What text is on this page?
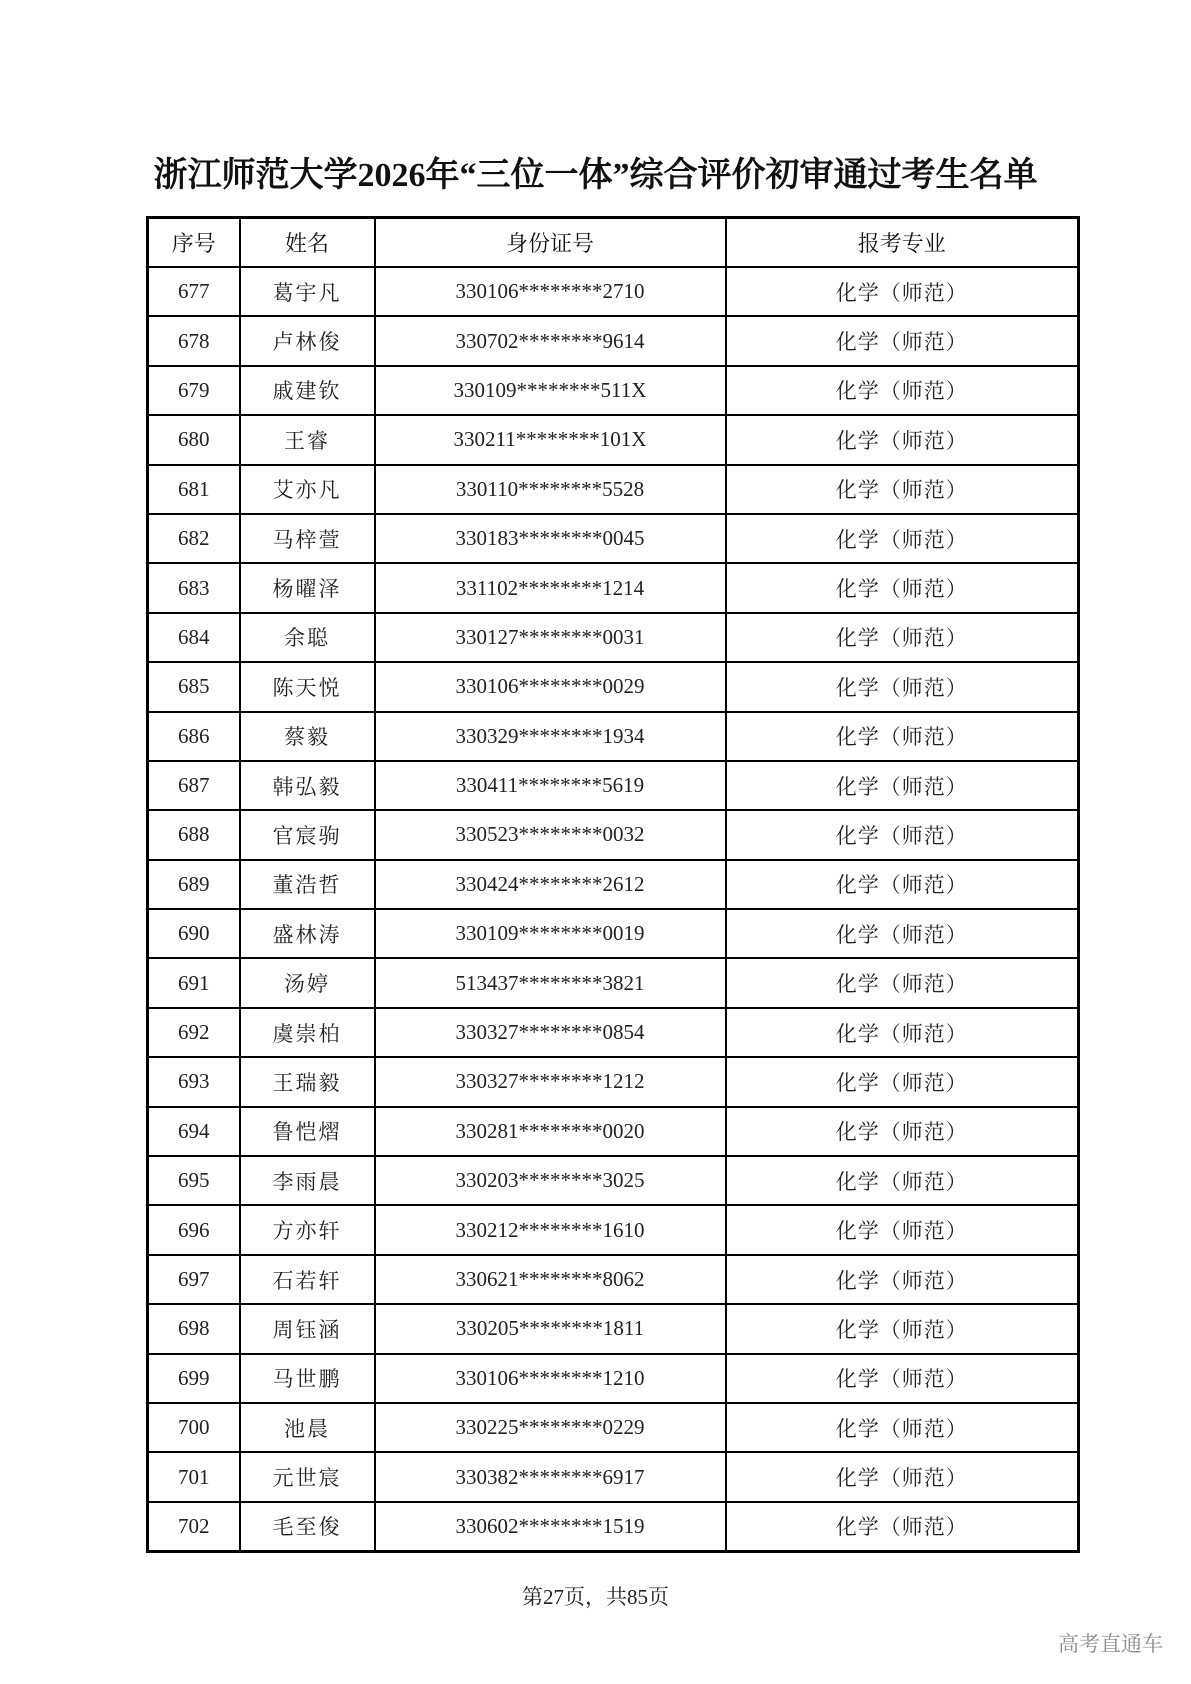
浙江师范大学2026年“三位一体”综合评价初审通过考生名单
序号	姓名	身份证号	报考专业
677	葛宇凡	330106********2710	化学（师范）
678	卢林俊	330702********9614	化学（师范）
679	戚建钦	330109********511X	化学（师范）
680	王睿	330211********101X	化学（师范）
681	艾亦凡	330110********5528	化学（师范）
682	马梓萱	330183********0045	化学（师范）
683	杨曜泽	331102********1214	化学（师范）
684	余聪	330127********0031	化学（师范）
685	陈天悦	330106********0029	化学（师范）
686	蔡毅	330329********1934	化学（师范）
687	韩弘毅	330411********5619	化学（师范）
688	官宸驹	330523********0032	化学（师范）
689	董浩哲	330424********2612	化学（师范）
690	盛林涛	330109********0019	化学（师范）
691	汤婷	513437********3821	化学（师范）
692	虞崇柏	330327********0854	化学（师范）
693	王瑞毅	330327********1212	化学（师范）
694	鲁恺熠	330281********0020	化学（师范）
695	李雨晨	330203********3025	化学（师范）
696	方亦轩	330212********1610	化学（师范）
697	石若轩	330621********8062	化学（师范）
698	周钰涵	330205********1811	化学（师范）
699	马世鹏	330106********1210	化学（师范）
700	池晨	330225********0229	化学（师范）
701	元世宸	330382********6917	化学（师范）
702	毛至俊	330602********1519	化学（师范）
第27页，共85页
高考直通车
